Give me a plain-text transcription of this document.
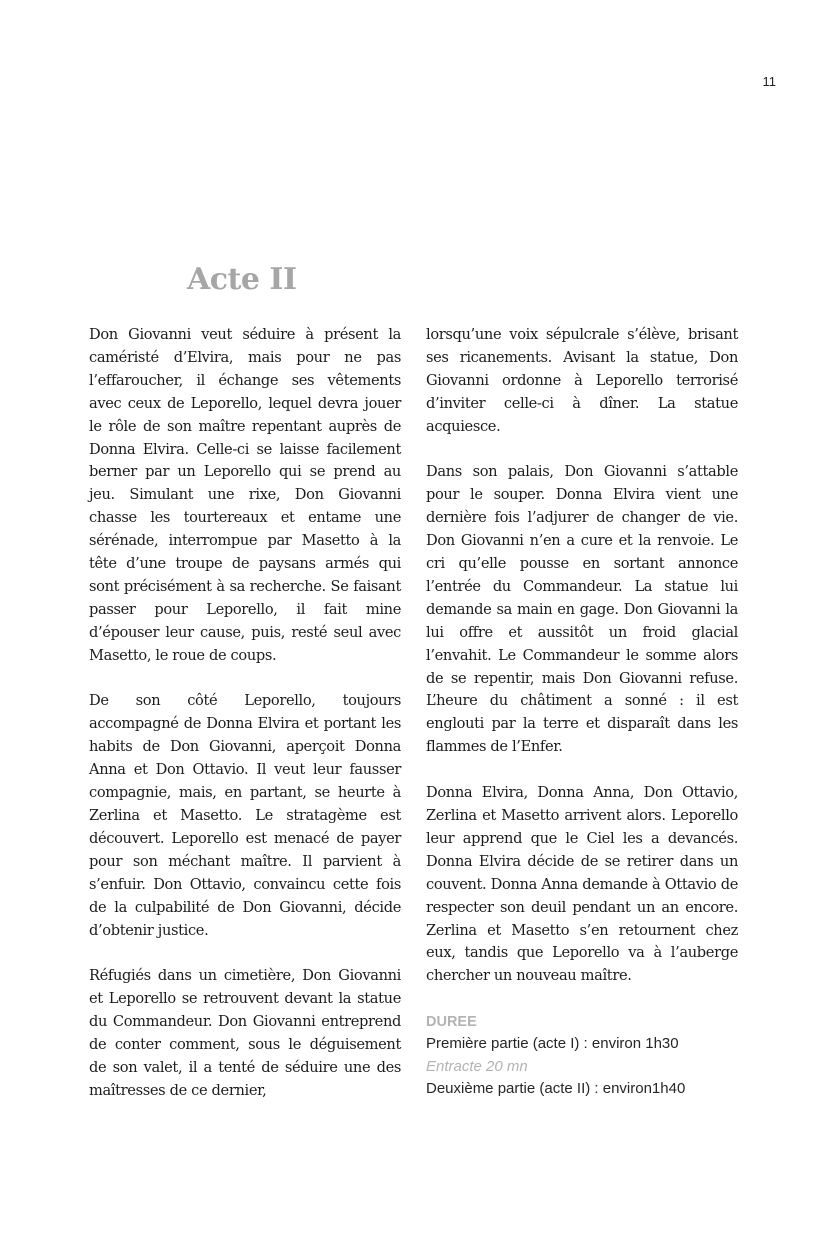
11
Acte II

Don Giovanni veut séduire à présent la caméristé d’Elvira, mais pour ne pas l’effaroucher, il échange ses vêtements avec ceux de Leporello, lequel devra jouer le rôle de son maître repentant auprès de Donna Elvira. Celle-ci se laisse facilement berner par un Leporello qui se prend au jeu. Simulant une rixe, Don Giovanni chasse les tourtereaux et entame une sérénade, interrompue par Masetto à la tête d’une troupe de paysans armés qui sont précisément à sa recherche. Se faisant passer pour Leporello, il fait mine d’épouser leur cause, puis, resté seul avec Masetto, le roue de coups.

De son côté Leporello, toujours accompagné de Donna Elvira et portant les habits de Don Giovanni, aperçoit Donna Anna et Don Ottavio. Il veut leur fausser compagnie, mais, en partant, se heurte à Zerlina et Masetto. Le stratagème est découvert. Leporello est menacé de payer pour son méchant maître. Il parvient à s’enfuir. Don Ottavio, convaincu cette fois de la culpabilité de Don Giovanni, décide d’obtenir justice.

Réfugiés dans un cimetière, Don Giovanni et Leporello se retrouvent devant la statue du Commandeur. Don Giovanni entreprend de conter comment, sous le déguisement de son valet, il a tenté de séduire une des maîtresses de ce dernier,

lorsqu’une voix sépulcrale s’élève, brisant ses ricanements. Avisant la statue, Don Giovanni ordonne à Leporello terrorisé d’inviter celle-ci à dîner. La statue acquiesce.

Dans son palais, Don Giovanni s’attable pour le souper. Donna Elvira vient une dernière fois l’adjurer de changer de vie. Don Giovanni n’en a cure et la renvoie. Le cri qu’elle pousse en sortant annonce l’entrée du Commandeur. La statue lui demande sa main en gage. Don Giovanni la lui offre et aussitôt un froid glacial l’envahit. Le Commandeur le somme alors de se repentir, mais Don Giovanni refuse. L’heure du châtiment a sonné : il est englouti par la terre et disparaît dans les flammes de l’Enfer.

Donna Elvira, Donna Anna, Don Ottavio, Zerlina et Masetto arrivent alors. Leporello leur apprend que le Ciel les a devancés. Donna Elvira décide de se retirer dans un couvent. Donna Anna demande à Ottavio de respecter son deuil pendant un an encore. Zerlina et Masetto s’en retournent chez eux, tandis que Leporello va à l’auberge chercher un nouveau maître.

DUREE
Première partie (acte I) : environ 1h30
Entracte 20 mn
Deuxième partie (acte II) : environ1h40
